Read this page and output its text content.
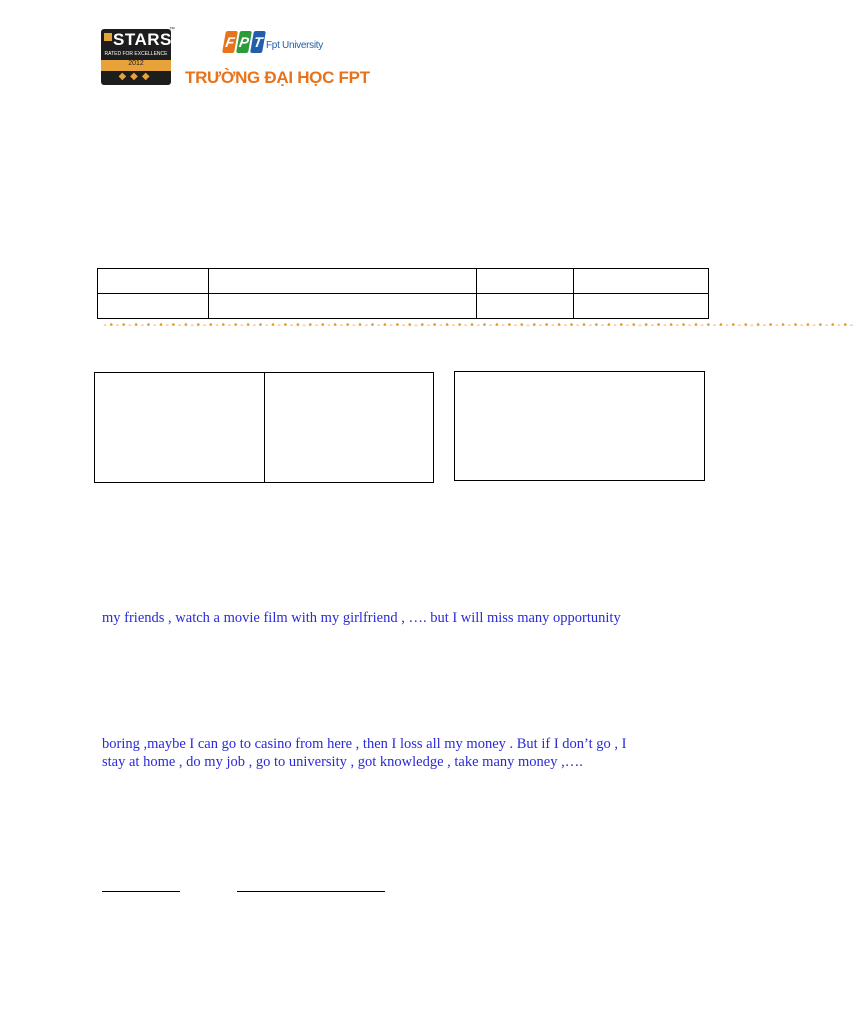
STARS
™
RATED FOR EXCELLENCE
2012
◆◆◆
F P T Fpt University
TRƯỜNG ĐẠI HỌC FPT

-•-•-•-•-•-•-•-•-•-•-•-•-•-•-•-•-•-•-•-•-•-•-•-•-•-•-•-•-•-•-•-•-•-•-•-•-•-•-•-•-•-•-•-•-•-•-•-•-•-•-•-•-•-•-•-•-•-•-•-•-
my friends , watch a movie film with my girlfriend , …. but I will miss many opportunity
boring ,maybe I can go to casino from here , then I loss all my money . But if I don’t go , I
stay at home , do my job , go to university , got knowledge , take many money ,….
